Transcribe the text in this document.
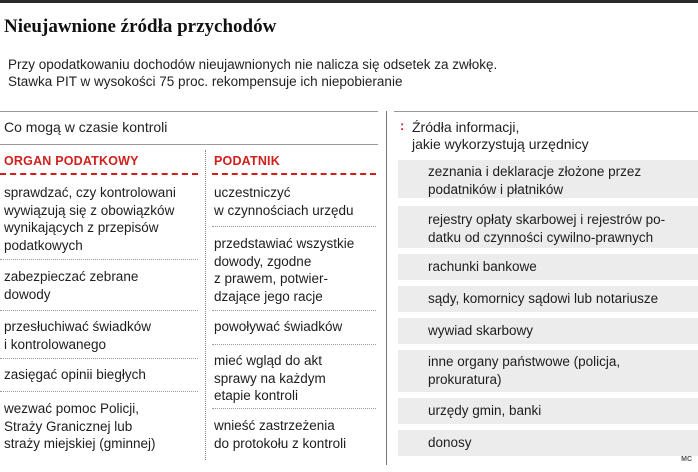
Nieujawnione źródła przychodów
Przy opodatkowaniu dochodów nieujawnionych nie nalicza się odsetek za zwłokę.
Stawka PIT w wysokości 75 proc. rekompensuje ich niepobieranie
Co mogą w czasie kontroli
ORGAN PODATKOWY	PODATNIK
sprawdzać, czy kontrolowani
wywiązują się z obowiązków
wynikających z przepisów
podatkowych
zabezpieczać zebrane
dowody
przesłuchiwać świadków
i kontrolowanego
zasięgać opinii biegłych
wezwać pomoc Policji,
Straży Granicznej lub
straży miejskiej (gminnej)
uczestniczyć
w czynnościach urzędu
przedstawiać wszystkie
dowody, zgodne
z prawem, potwier-
dzające jego racje
powoływać świadków
mieć wgląd do akt
sprawy na każdym
etapie kontroli
wnieść zastrzeżenia
do protokołu z kontroli
: Źródła informacji,
jakie wykorzystują urzędnicy
zeznania i deklaracje złożone przez
podatników i płatników
rejestry opłaty skarbowej i rejestrów po-
datku od czynności cywilno-prawnych
rachunki bankowe
sądy, komornicy sądowi lub notariusze
wywiad skarbowy
inne organy państwowe (policja,
prokuratura)
urzędy gmin, banki
donosy
MC
